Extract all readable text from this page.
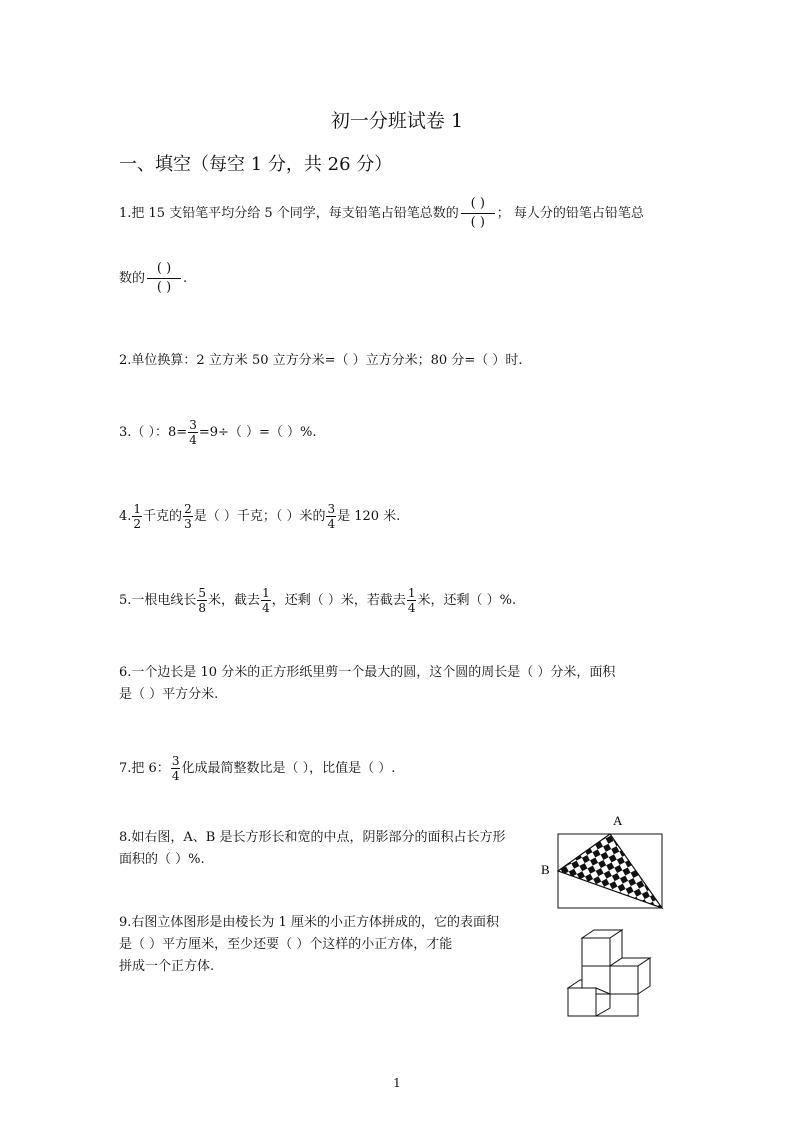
初一分班试卷 1
一、填空（每空 1 分，共 26 分）
1.把 15 支铅笔平均分给 5 个同学，每支铅笔占铅笔总数的 $\frac{( )}{( )}$ ； 每人分的铅笔占铅笔总
数的 $\frac{( )}{( )}$ .
2.单位换算：2 立方米 50 立方分米=（ ）立方分米；80 分=（ ）时.
3.（ ）：$8= \frac{3}{4} =9\div$（ ）=（ ）%.
4. $\frac{1}{2}$ 千克的 $\frac{2}{3}$ 是（ ）千克；（ ）米的 $\frac{3}{4}$ 是 120 米.
5.一根电线长 $\frac{5}{8}$ 米，截去 $\frac{1}{4}$ ，还剩（ ）米，若截去 $\frac{1}{4}$ 米，还剩（ ）%.
6.一个边长是 10 分米的正方形纸里剪一个最大的圆，这个圆的周长是（ ）分米，面积
是（ ）平方分米.
7.把 6： $\frac{3}{4}$ 化成最简整数比是（ ），比值是（ ）.
8.如右图，A、B 是长方形长和宽的中点，阴影部分的面积占长方形
面积的（ ）%.
A
B
9.右图立体图形是由棱长为 1 厘米的小正方体拼成的，它的表面积
是（ ）平方厘米，至少还要（ ）个这样的小正方体，才能
拼成一个正方体.
1
